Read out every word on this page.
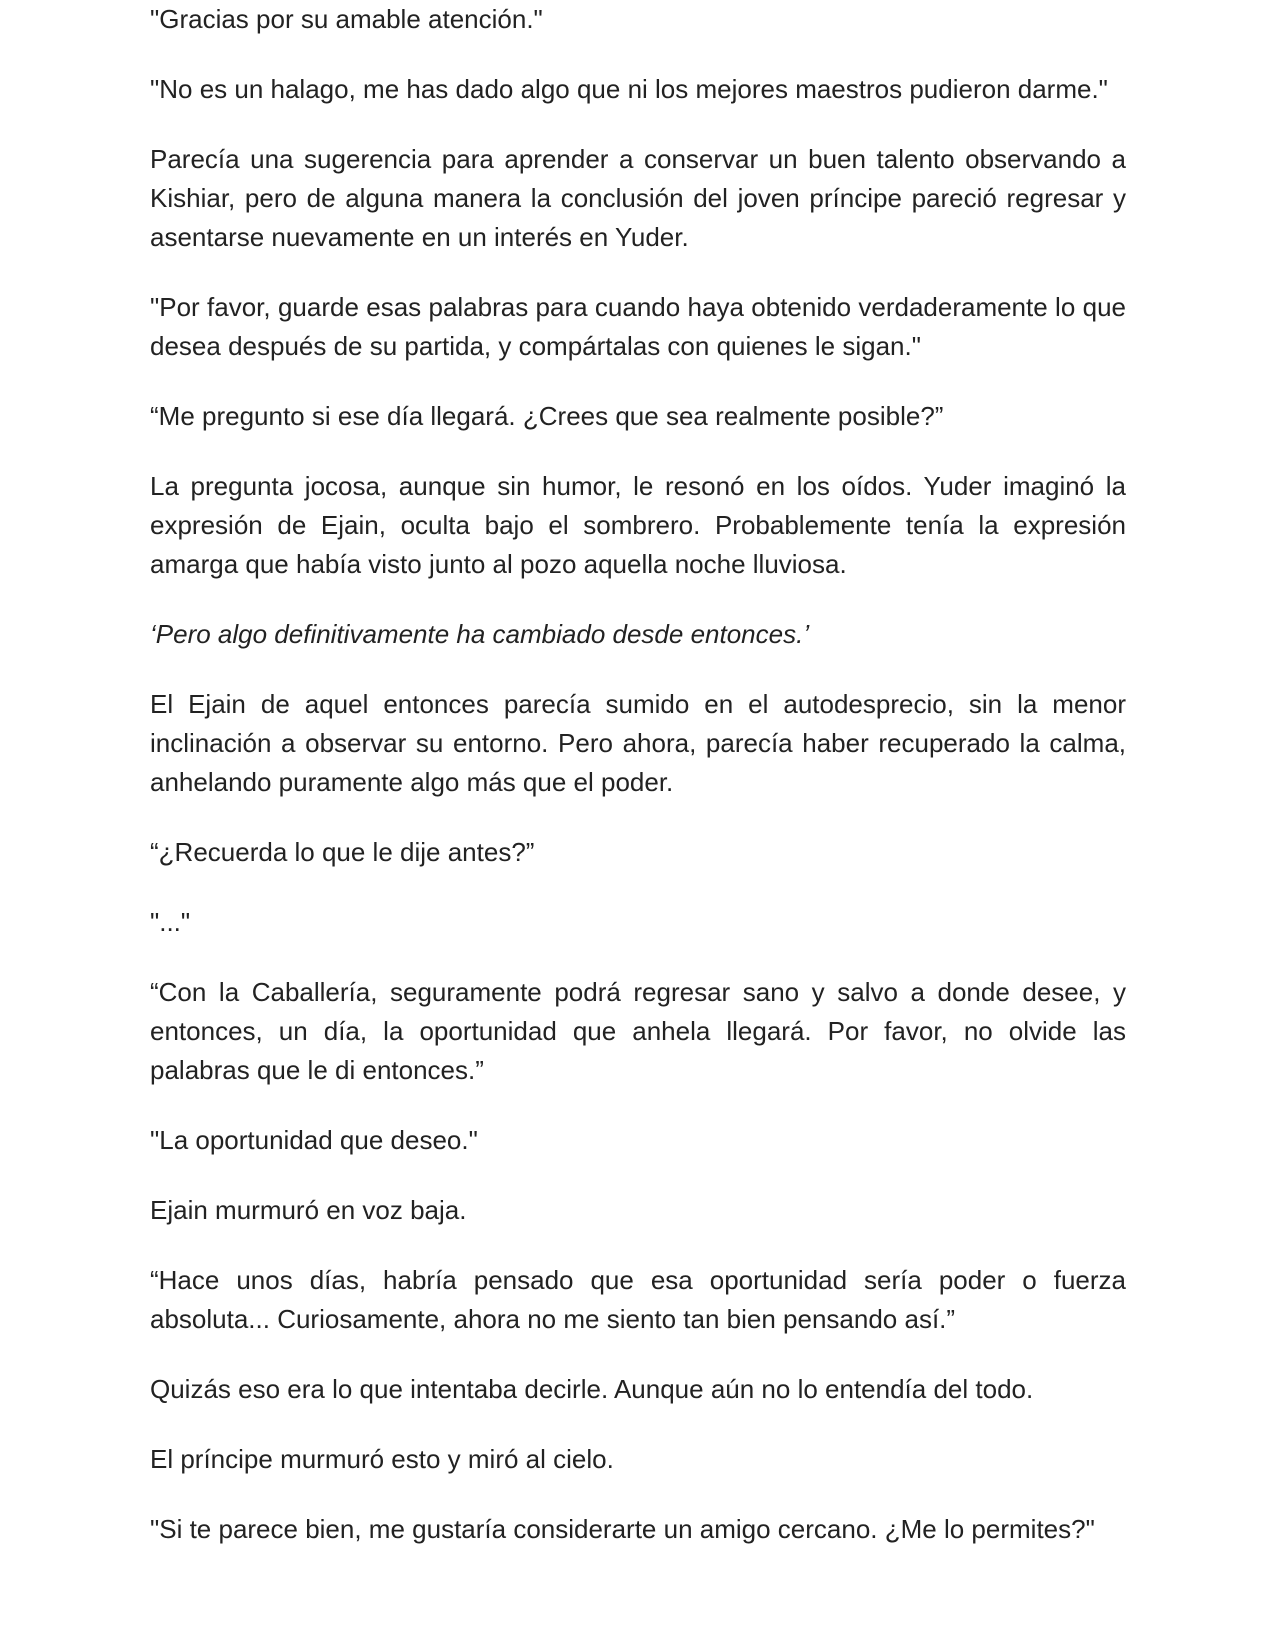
"Gracias por su amable atención."

"No es un halago, me has dado algo que ni los mejores maestros pudieron darme."

Parecía una sugerencia para aprender a conservar un buen talento observando a Kishiar, pero de alguna manera la conclusión del joven príncipe pareció regresar y asentarse nuevamente en un interés en Yuder.

"Por favor, guarde esas palabras para cuando haya obtenido verdaderamente lo que desea después de su partida, y compártalas con quienes le sigan."

“Me pregunto si ese día llegará. ¿Crees que sea realmente posible?”

La pregunta jocosa, aunque sin humor, le resonó en los oídos. Yuder imaginó la expresión de Ejain, oculta bajo el sombrero. Probablemente tenía la expresión amarga que había visto junto al pozo aquella noche lluviosa.

‘Pero algo definitivamente ha cambiado desde entonces.’

El Ejain de aquel entonces parecía sumido en el autodesprecio, sin la menor inclinación a observar su entorno. Pero ahora, parecía haber recuperado la calma, anhelando puramente algo más que el poder.

“¿Recuerda lo que le dije antes?”

"..."

“Con la Caballería, seguramente podrá regresar sano y salvo a donde desee, y entonces, un día, la oportunidad que anhela llegará. Por favor, no olvide las palabras que le di entonces.”

"La oportunidad que deseo."

Ejain murmuró en voz baja.

“Hace unos días, habría pensado que esa oportunidad sería poder o fuerza absoluta... Curiosamente, ahora no me siento tan bien pensando así.”

Quizás eso era lo que intentaba decirle. Aunque aún no lo entendía del todo.

El príncipe murmuró esto y miró al cielo.

"Si te parece bien, me gustaría considerarte un amigo cercano. ¿Me lo permites?"
